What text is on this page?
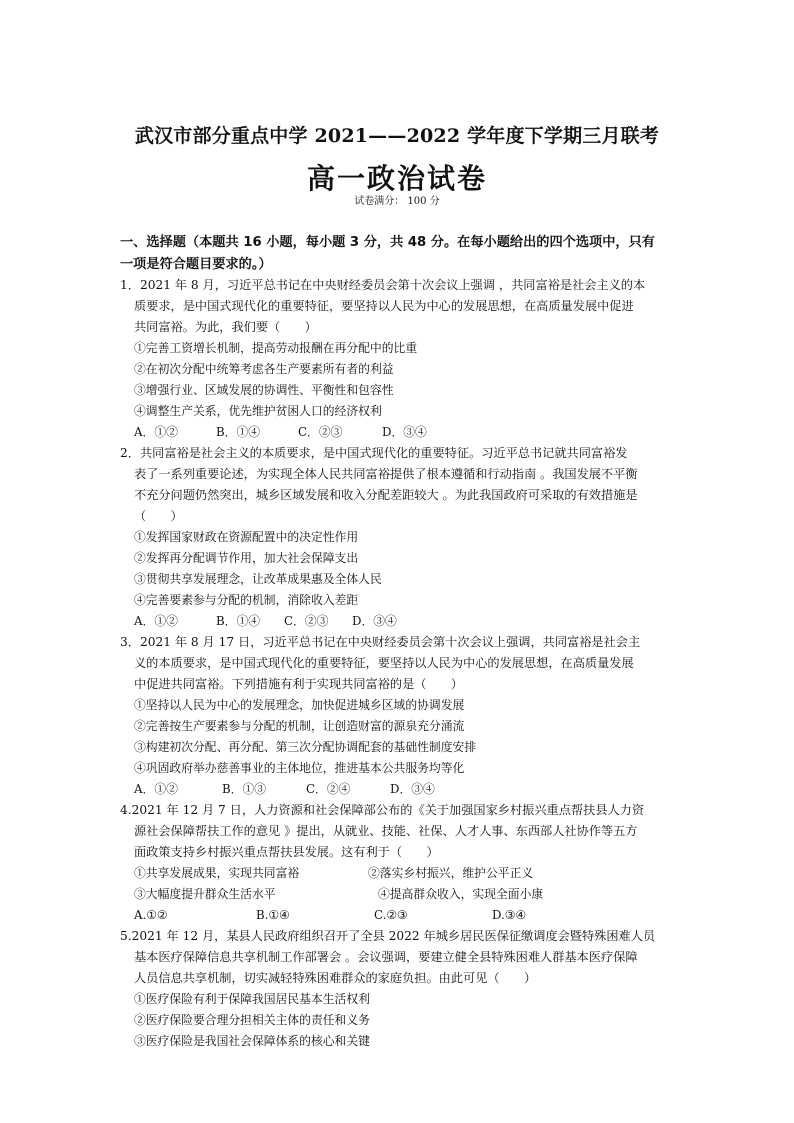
武汉市部分重点中学 2021——2022 学年度下学期三月联考
高一政治试卷
试卷满分： 100 分
一、选择题（本题共 16 小题，每小题 3 分，共 48 分。在每小题给出的四个选项中，只有
一项是符合题目要求的。）
1．2021 年 8 月，习近平总书记在中央财经委员会第十次会议上强调 ，共同富裕是社会主义的本
质要求，是中国式现代化的重要特征，要坚持以人民为中心的发展思想，在高质量发展中促进
共同富裕。为此，我们要（　　）
①完善工资增长机制，提高劳动报酬在再分配中的比重
②在初次分配中统筹考虑各生产要素所有者的利益
③增强行业、区域发展的协调性、平衡性和包容性
④调整生产关系，优先维护贫困人口的经济权利
A．①②	B．①④	C．②③	D．③④
2．共同富裕是社会主义的本质要求，是中国式现代化的重要特征。习近平总书记就共同富裕发
表了一系列重要论述，为实现全体人民共同富裕提供了根本遵循和行动指南 。我国发展不平衡
不充分问题仍然突出，城乡区域发展和收入分配差距较大 。为此我国政府可采取的有效措施是
（　　）
①发挥国家财政在资源配置中的决定性作用
②发挥再分配调节作用，加大社会保障支出
③贯彻共享发展理念，让改革成果惠及全体人民
④完善要素参与分配的机制，消除收入差距
A．①②	B．①④ C．②③ D．③④
3．2021 年 8 月 17 日，习近平总书记在中央财经委员会第十次会议上强调，共同富裕是社会主
义的本质要求，是中国式现代化的重要特征，要坚持以人民为中心的发展思想，在高质量发展
中促进共同富裕。下列措施有利于实现共同富裕的是（　　）
①坚持以人民为中心的发展理念，加快促进城乡区域的协调发展
②完善按生产要素参与分配的机制，让创造财富的源泉充分涌流
③构建初次分配、再分配、第三次分配协调配套的基础性制度安排
④巩固政府举办慈善事业的主体地位，推进基本公共服务均等化
A．①②	B．①③	C．②④	D．③④
4.2021 年 12 月 7 日，人力资源和社会保障部公布的《关于加强国家乡村振兴重点帮扶县人力资
源社会保障帮扶工作的意见 》提出，从就业、技能、社保、人才人事、东西部人社协作等五方
面政策支持乡村振兴重点帮扶县发展。这有利于（　　）
①共享发展成果，实现共同富裕	②落实乡村振兴，维护公平正义
③大幅度提升群众生活水平	④提高群众收入，实现全面小康
A.①②	B.①④	C.②③	D.③④
5.2021 年 12 月，某县人民政府组织召开了全县 2022 年城乡居民医保征缴调度会暨特殊困难人员
基本医疗保障信息共享机制工作部署会 。会议强调，要建立健全县特殊困难人群基本医疗保障
人员信息共享机制，切实减轻特殊困难群众的家庭负担。由此可见（　　）
①医疗保险有利于保障我国居民基本生活权利
②医疗保险要合理分担相关主体的责任和义务
③医疗保险是我国社会保障体系的核心和关键
